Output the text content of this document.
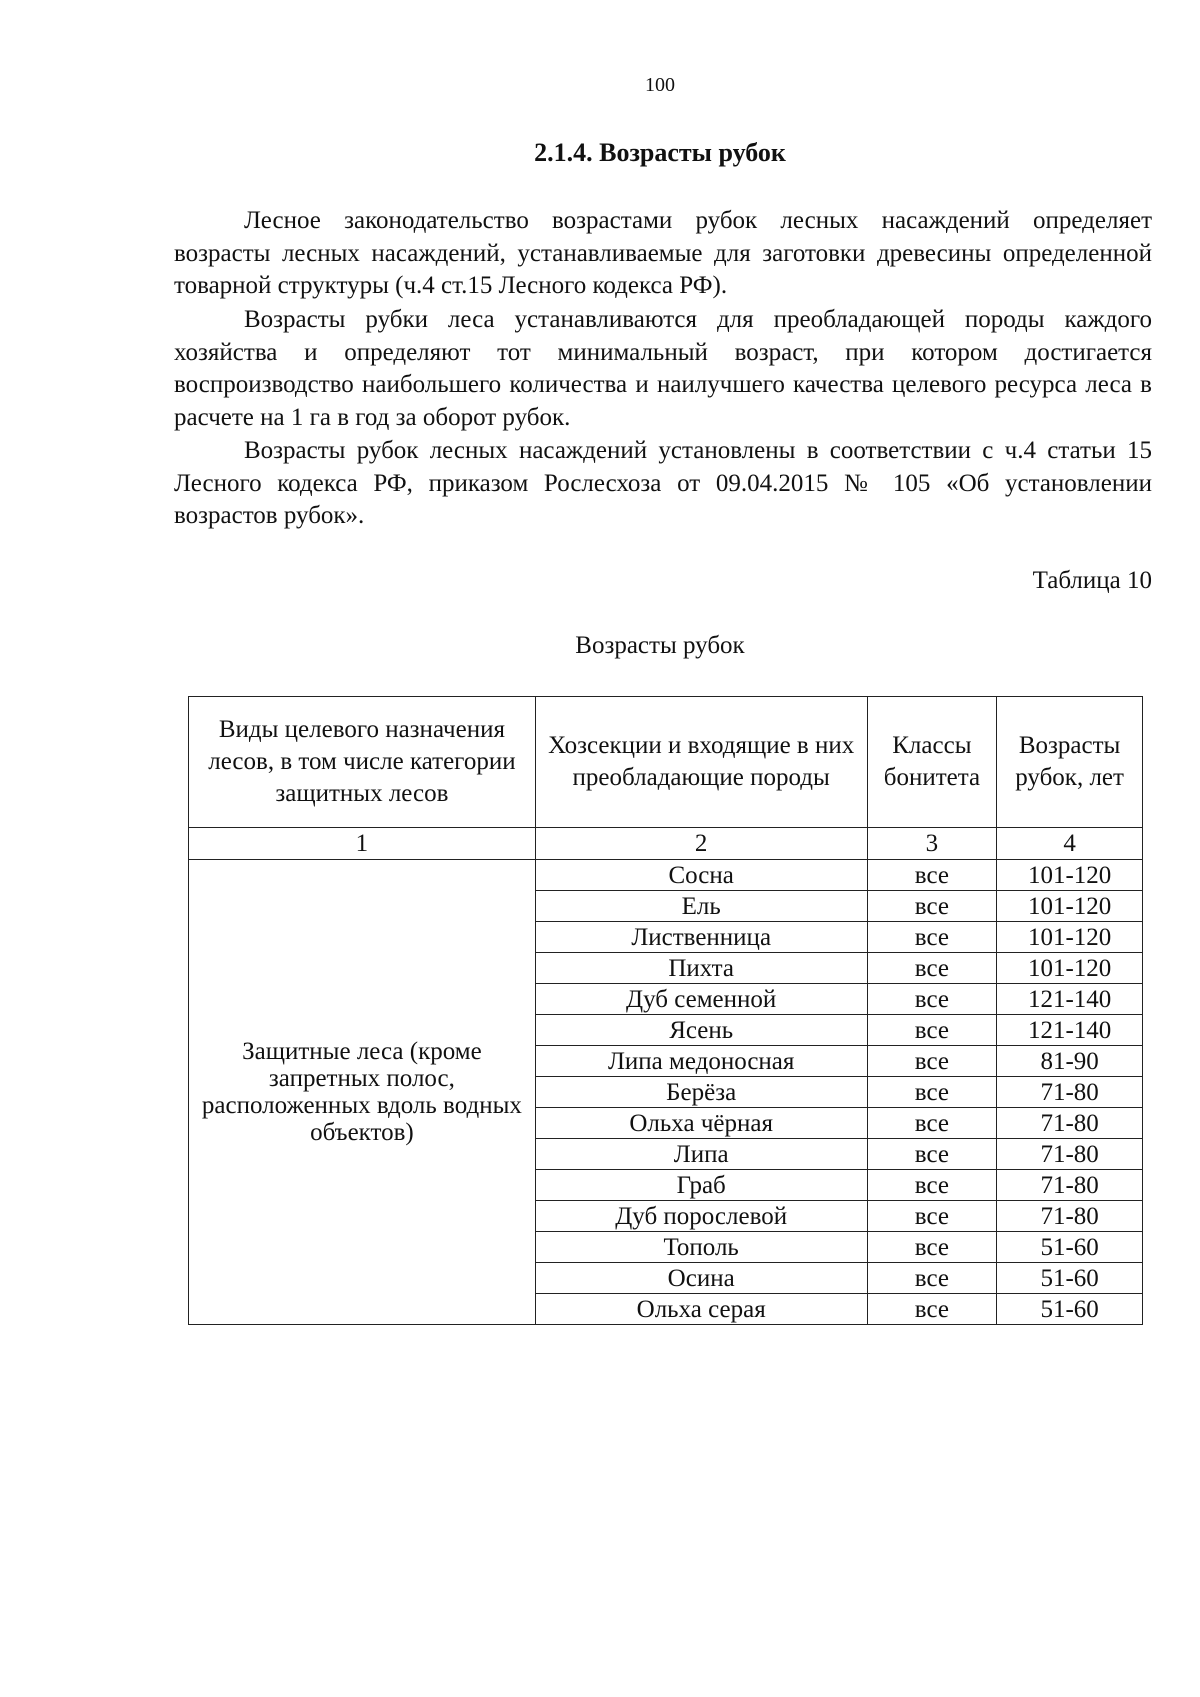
100
2.1.4. Возрасты рубок

Лесное законодательство возрастами рубок лесных насаждений определяет возрасты лесных насаждений, устанавливаемые для заготовки древесины определенной товарной структуры (ч.4 ст.15 Лесного кодекса РФ).

Возрасты рубки леса устанавливаются для преобладающей породы каждого хозяйства и определяют тот минимальный возраст, при котором достигается воспроизводство наибольшего количества и наилучшего качества целевого ресурса леса в расчете на 1 га в год за оборот рубок.

Возрасты рубок лесных насаждений установлены в соответствии с ч.4 статьи 15 Лесного кодекса РФ, приказом Рослесхоза от 09.04.2015 № 105 «Об установлении возрастов рубок».

Таблица 10
Возрасты рубок
Виды целевого назначения лесов, в том числе категории защитных лесов	Хозсекции и входящие в них преобладающие породы	Классы бонитета	Возрасты рубок, лет
1	2	3	4
Защитные леса (кроме запретных полос, расположенных вдоль водных объектов)	Сосна	все	101-120
	Ель	все	101-120
	Лиственница	все	101-120
	Пихта	все	101-120
	Дуб семенной	все	121-140
	Ясень	все	121-140
	Липа медоносная	все	81-90
	Берёза	все	71-80
	Ольха чёрная	все	71-80
	Липа	все	71-80
	Граб	все	71-80
	Дуб порослевой	все	71-80
	Тополь	все	51-60
	Осина	все	51-60
	Ольха серая	все	51-60
